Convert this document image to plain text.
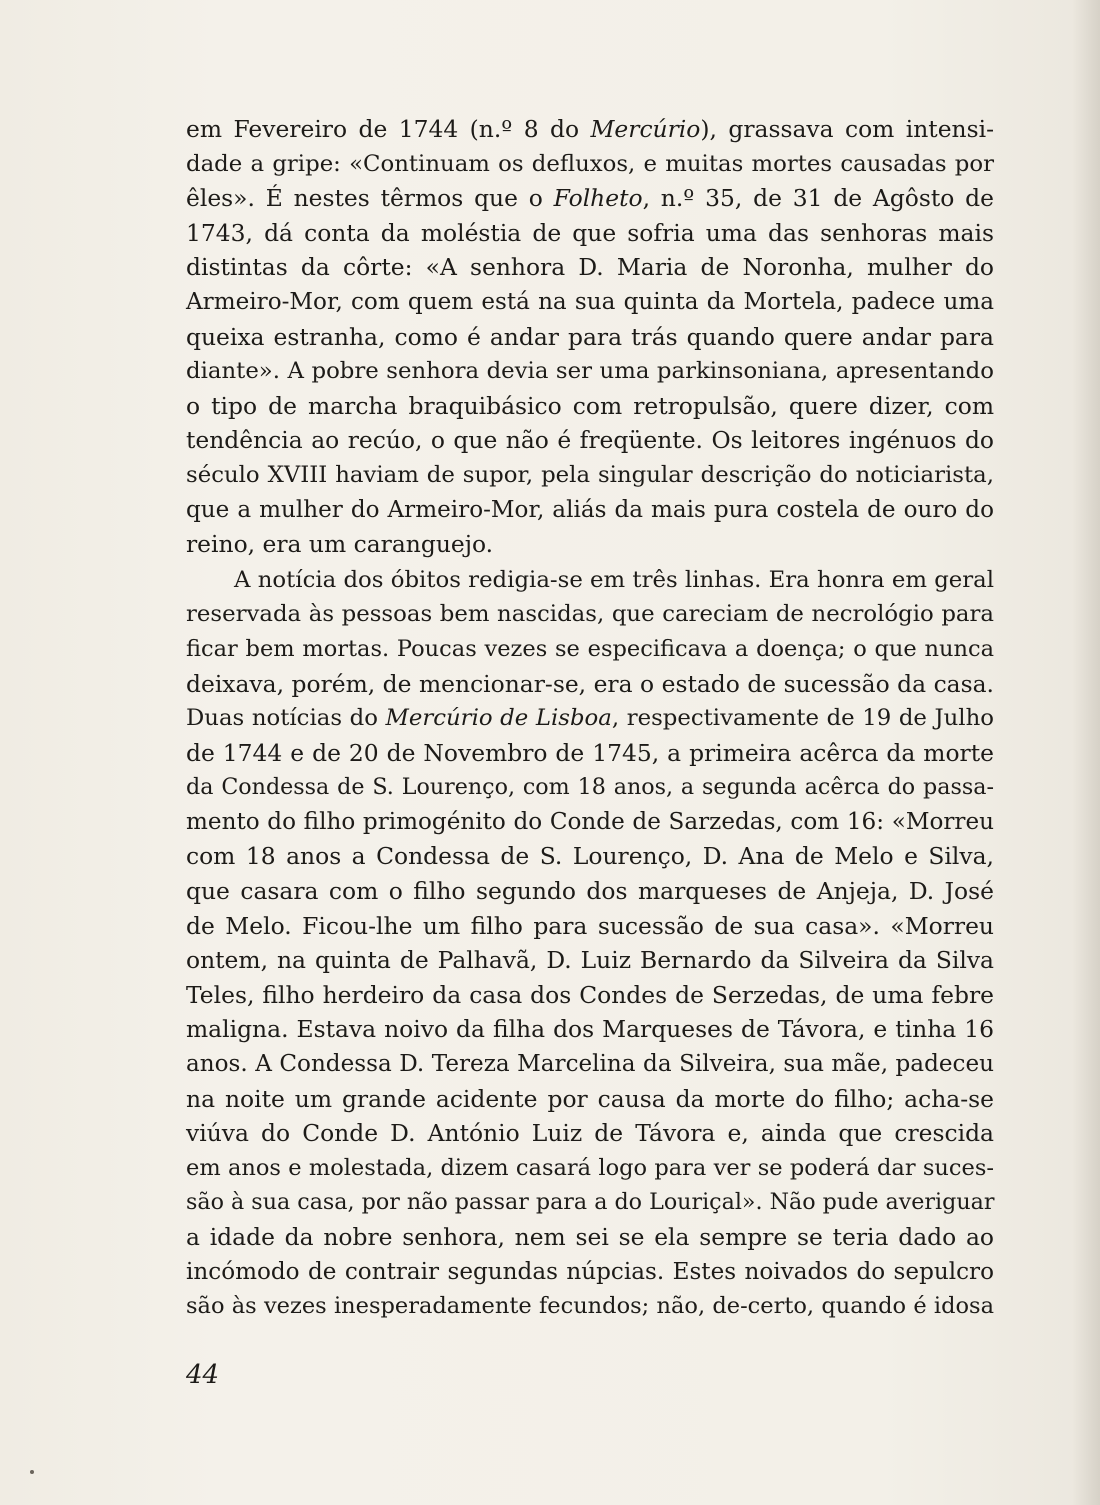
em Fevereiro de 1744 (n.º 8 do Mercúrio), grassava com intensi-
dade a gripe: «Continuam os defluxos, e muitas mortes causadas por
êles». É nestes têrmos que o Folheto, n.º 35, de 31 de Agôsto de
1743, dá conta da moléstia de que sofria uma das senhoras mais
distintas da côrte: «A senhora D. Maria de Noronha, mulher do
Armeiro-Mor, com quem está na sua quinta da Mortela, padece uma
queixa estranha, como é andar para trás quando quere andar para
diante». A pobre senhora devia ser uma parkinsoniana, apresentando
o tipo de marcha braquibásico com retropulsão, quere dizer, com
tendência ao recúo, o que não é freqüente. Os leitores ingénuos do
século XVIII haviam de supor, pela singular descrição do noticiarista,
que a mulher do Armeiro-Mor, aliás da mais pura costela de ouro do
reino, era um caranguejo.
A notícia dos óbitos redigia-se em três linhas. Era honra em geral
reservada às pessoas bem nascidas, que careciam de necrológio para
ficar bem mortas. Poucas vezes se especificava a doença; o que nunca
deixava, porém, de mencionar-se, era o estado de sucessão da casa.
Duas notícias do Mercúrio de Lisboa, respectivamente de 19 de Julho
de 1744 e de 20 de Novembro de 1745, a primeira acêrca da morte
da Condessa de S. Lourenço, com 18 anos, a segunda acêrca do passa-
mento do filho primogénito do Conde de Sarzedas, com 16: «Morreu
com 18 anos a Condessa de S. Lourenço, D. Ana de Melo e Silva,
que casara com o filho segundo dos marqueses de Anjeja, D. José
de Melo. Ficou-lhe um filho para sucessão de sua casa». «Morreu
ontem, na quinta de Palhavã, D. Luiz Bernardo da Silveira da Silva
Teles, filho herdeiro da casa dos Condes de Serzedas, de uma febre
maligna. Estava noivo da filha dos Marqueses de Távora, e tinha 16
anos. A Condessa D. Tereza Marcelina da Silveira, sua mãe, padeceu
na noite um grande acidente por causa da morte do filho; acha-se
viúva do Conde D. António Luiz de Távora e, ainda que crescida
em anos e molestada, dizem casará logo para ver se poderá dar suces-
são à sua casa, por não passar para a do Louriçal». Não pude averiguar
a idade da nobre senhora, nem sei se ela sempre se teria dado ao
incómodo de contrair segundas núpcias. Estes noivados do sepulcro
são às vezes inesperadamente fecundos; não, de-certo, quando é idosa
44
